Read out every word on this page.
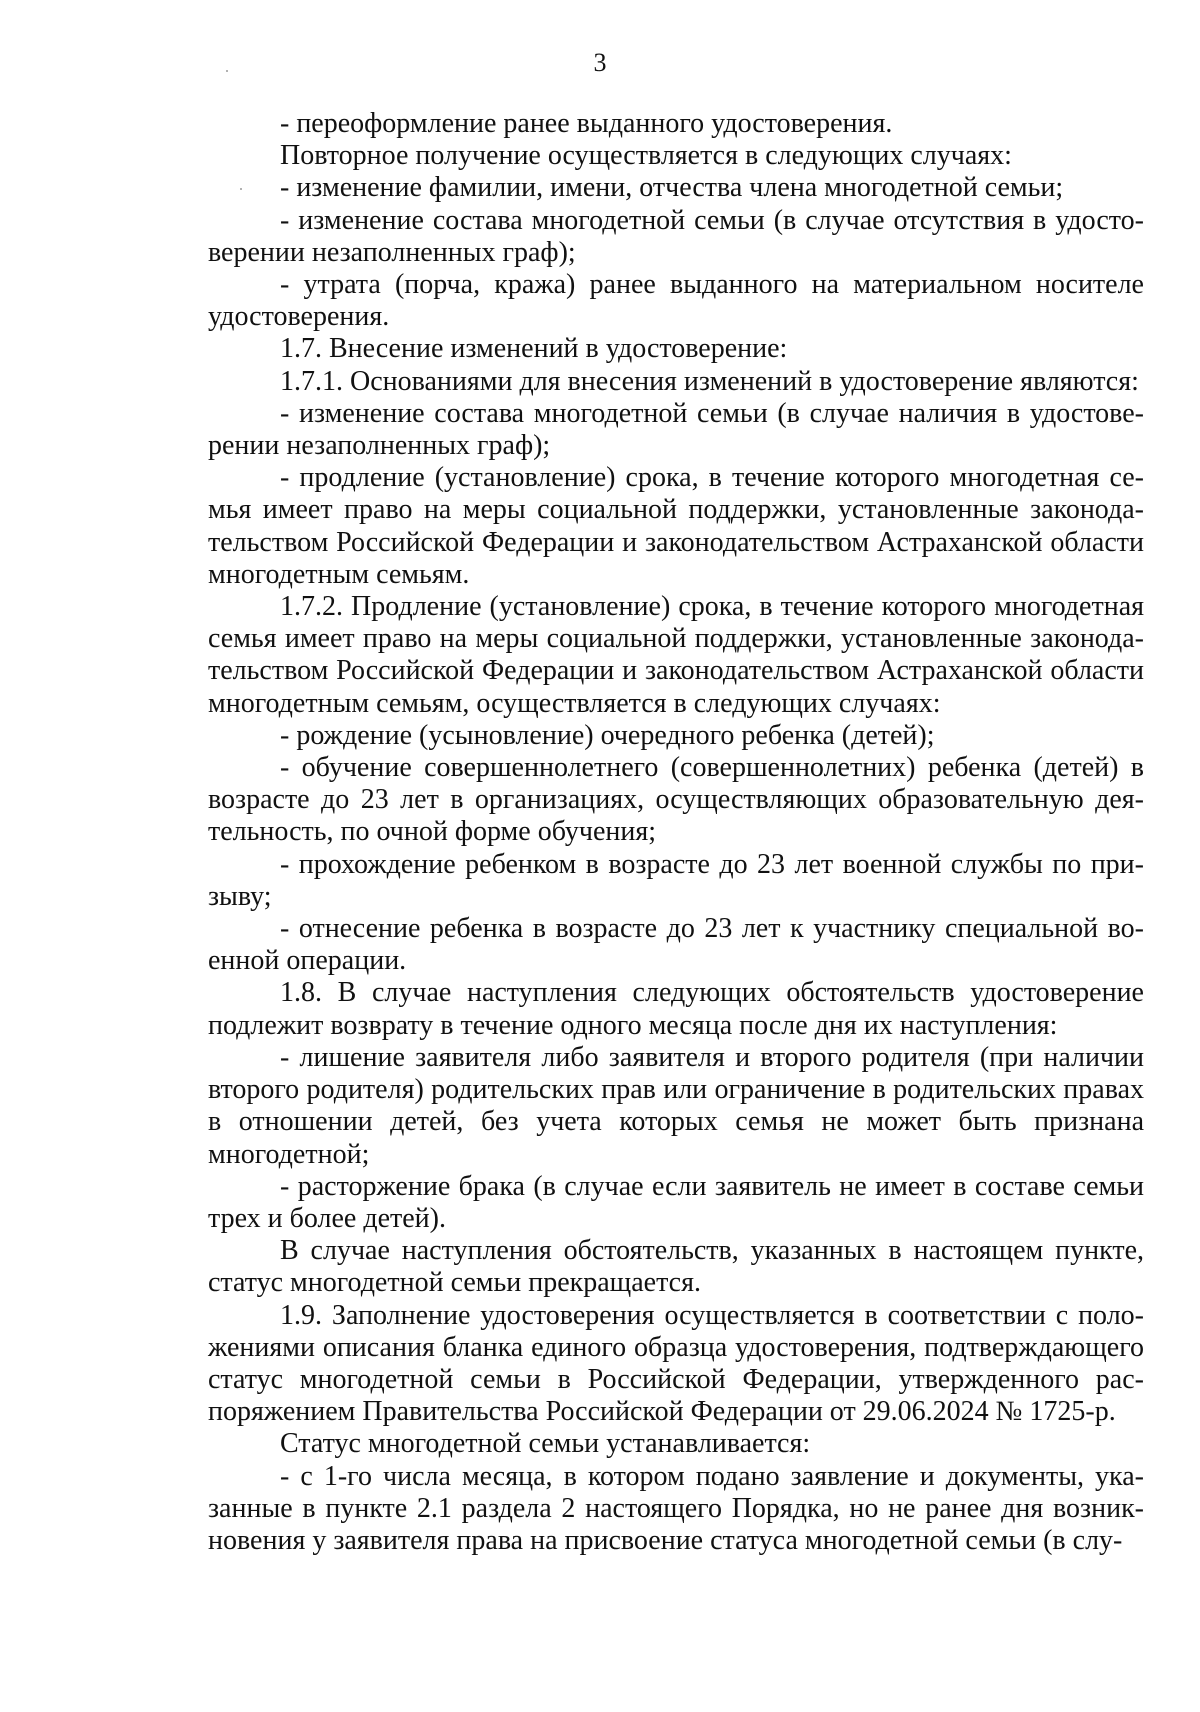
3

- переоформление ранее выданного удостоверения.

Повторное получение осуществляется в следующих случаях:

- изменение фамилии, имени, отчества члена многодетной семьи;

- изменение состава многодетной семьи (в случае отсутствия в удостоверении незаполненных граф);

- утрата (порча, кража) ранее выданного на материальном носителе удостоверения.

1.7. Внесение изменений в удостоверение:

1.7.1. Основаниями для внесения изменений в удостоверение являются:

- изменение состава многодетной семьи (в случае наличия в удостоверении незаполненных граф);

- продление (установление) срока, в течение которого многодетная семья имеет право на меры социальной поддержки, установленные законодательством Российской Федерации и законодательством Астраханской области многодетным семьям.

1.7.2. Продление (установление) срока, в течение которого многодетная семья имеет право на меры социальной поддержки, установленные законодательством Российской Федерации и законодательством Астраханской области многодетным семьям, осуществляется в следующих случаях:

- рождение (усыновление) очередного ребенка (детей);

- обучение совершеннолетнего (совершеннолетних) ребенка (детей) в возрасте до 23 лет в организациях, осуществляющих образовательную деятельность, по очной форме обучения;

- прохождение ребенком в возрасте до 23 лет военной службы по призыву;

- отнесение ребенка в возрасте до 23 лет к участнику специальной военной операции.

1.8. В случае наступления следующих обстоятельств удостоверение подлежит возврату в течение одного месяца после дня их наступления:

- лишение заявителя либо заявителя и второго родителя (при наличии второго родителя) родительских прав или ограничение в родительских правах в отношении детей, без учета которых семья не может быть признана многодетной;

- расторжение брака (в случае если заявитель не имеет в составе семьи трех и более детей).

В случае наступления обстоятельств, указанных в настоящем пункте, статус многодетной семьи прекращается.

1.9. Заполнение удостоверения осуществляется в соответствии с положениями описания бланка единого образца удостоверения, подтверждающего статус многодетной семьи в Российской Федерации, утвержденного распоряжением Правительства Российской Федерации от 29.06.2024 № 1725-р.

Статус многодетной семьи устанавливается:

- с 1-го числа месяца, в котором подано заявление и документы, указанные в пункте 2.1 раздела 2 настоящего Порядка, но не ранее дня возникновения у заявителя права на присвоение статуса многодетной семьи (в слу-
